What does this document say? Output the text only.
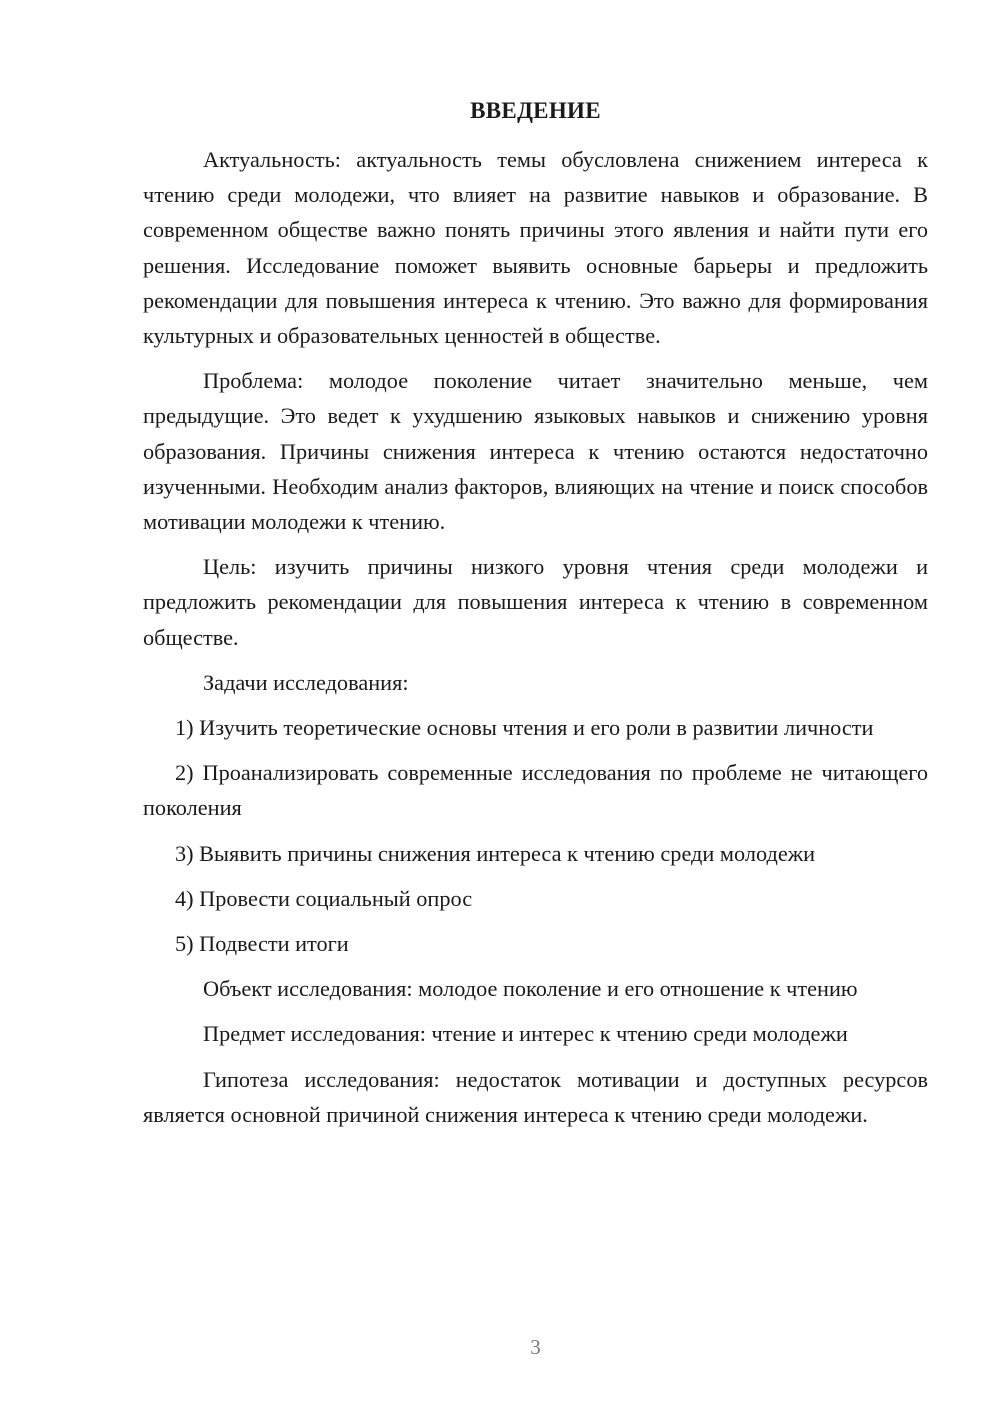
ВВЕДЕНИЕ

Актуальность: актуальность темы обусловлена снижением интереса к чтению среди молодежи, что влияет на развитие навыков и образование. В современном обществе важно понять причины этого явления и найти пути его решения. Исследование поможет выявить основные барьеры и предложить рекомендации для повышения интереса к чтению. Это важно для формирования культурных и образовательных ценностей в обществе.

Проблема: молодое поколение читает значительно меньше, чем предыдущие. Это ведет к ухудшению языковых навыков и снижению уровня образования. Причины снижения интереса к чтению остаются недостаточно изученными. Необходим анализ факторов, влияющих на чтение и поиск способов мотивации молодежи к чтению.

Цель: изучить причины низкого уровня чтения среди молодежи и предложить рекомендации для повышения интереса к чтению в современном обществе.

Задачи исследования:

1) Изучить теоретические основы чтения и его роли в развитии личности

2) Проанализировать современные исследования по проблеме не читающего поколения

3) Выявить причины снижения интереса к чтению среди молодежи

4) Провести социальный опрос

5) Подвести итоги

Объект исследования: молодое поколение и его отношение к чтению

Предмет исследования: чтение и интерес к чтению среди молодежи

Гипотеза исследования: недостаток мотивации и доступных ресурсов является основной причиной снижения интереса к чтению среди молодежи.

3
